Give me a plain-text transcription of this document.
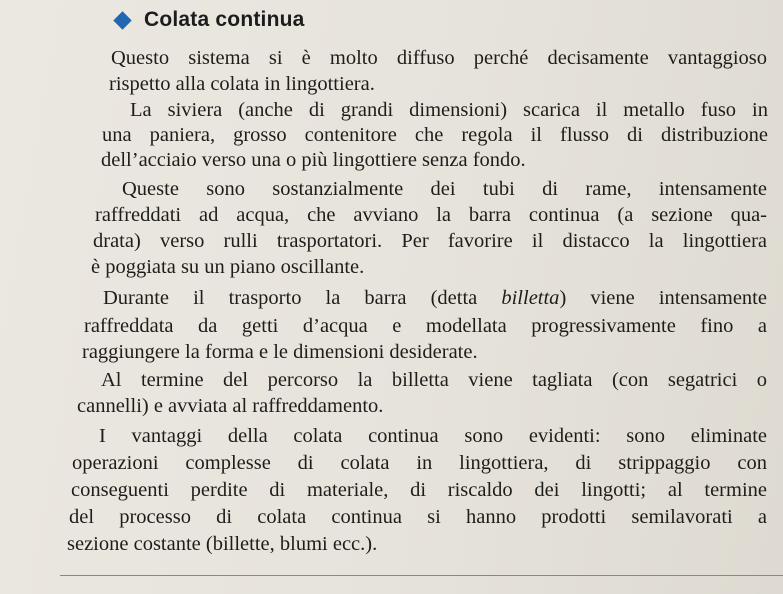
Colata continua
Questo sistema si è molto diffuso perché decisamente vantaggioso
rispetto alla colata in lingottiera.
La siviera (anche di grandi dimensioni) scarica il metallo fuso in
una paniera, grosso contenitore che regola il flusso di distribuzione
dell’acciaio verso una o più lingottiere senza fondo.
Queste sono sostanzialmente dei tubi di rame, intensamente
raffreddati ad acqua, che avviano la barra continua (a sezione qua-
drata) verso rulli trasportatori. Per favorire il distacco la lingottiera
è poggiata su un piano oscillante.
Durante il trasporto la barra (detta billetta) viene intensamente
raffreddata da getti d’acqua e modellata progressivamente fino a
raggiungere la forma e le dimensioni desiderate.
Al termine del percorso la billetta viene tagliata (con segatrici o
cannelli) e avviata al raffreddamento.
I vantaggi della colata continua sono evidenti: sono eliminate
operazioni complesse di colata in lingottiera, di strippaggio con
conseguenti perdite di materiale, di riscaldo dei lingotti; al termine
del processo di colata continua si hanno prodotti semilavorati a
sezione costante (billette, blumi ecc.).
